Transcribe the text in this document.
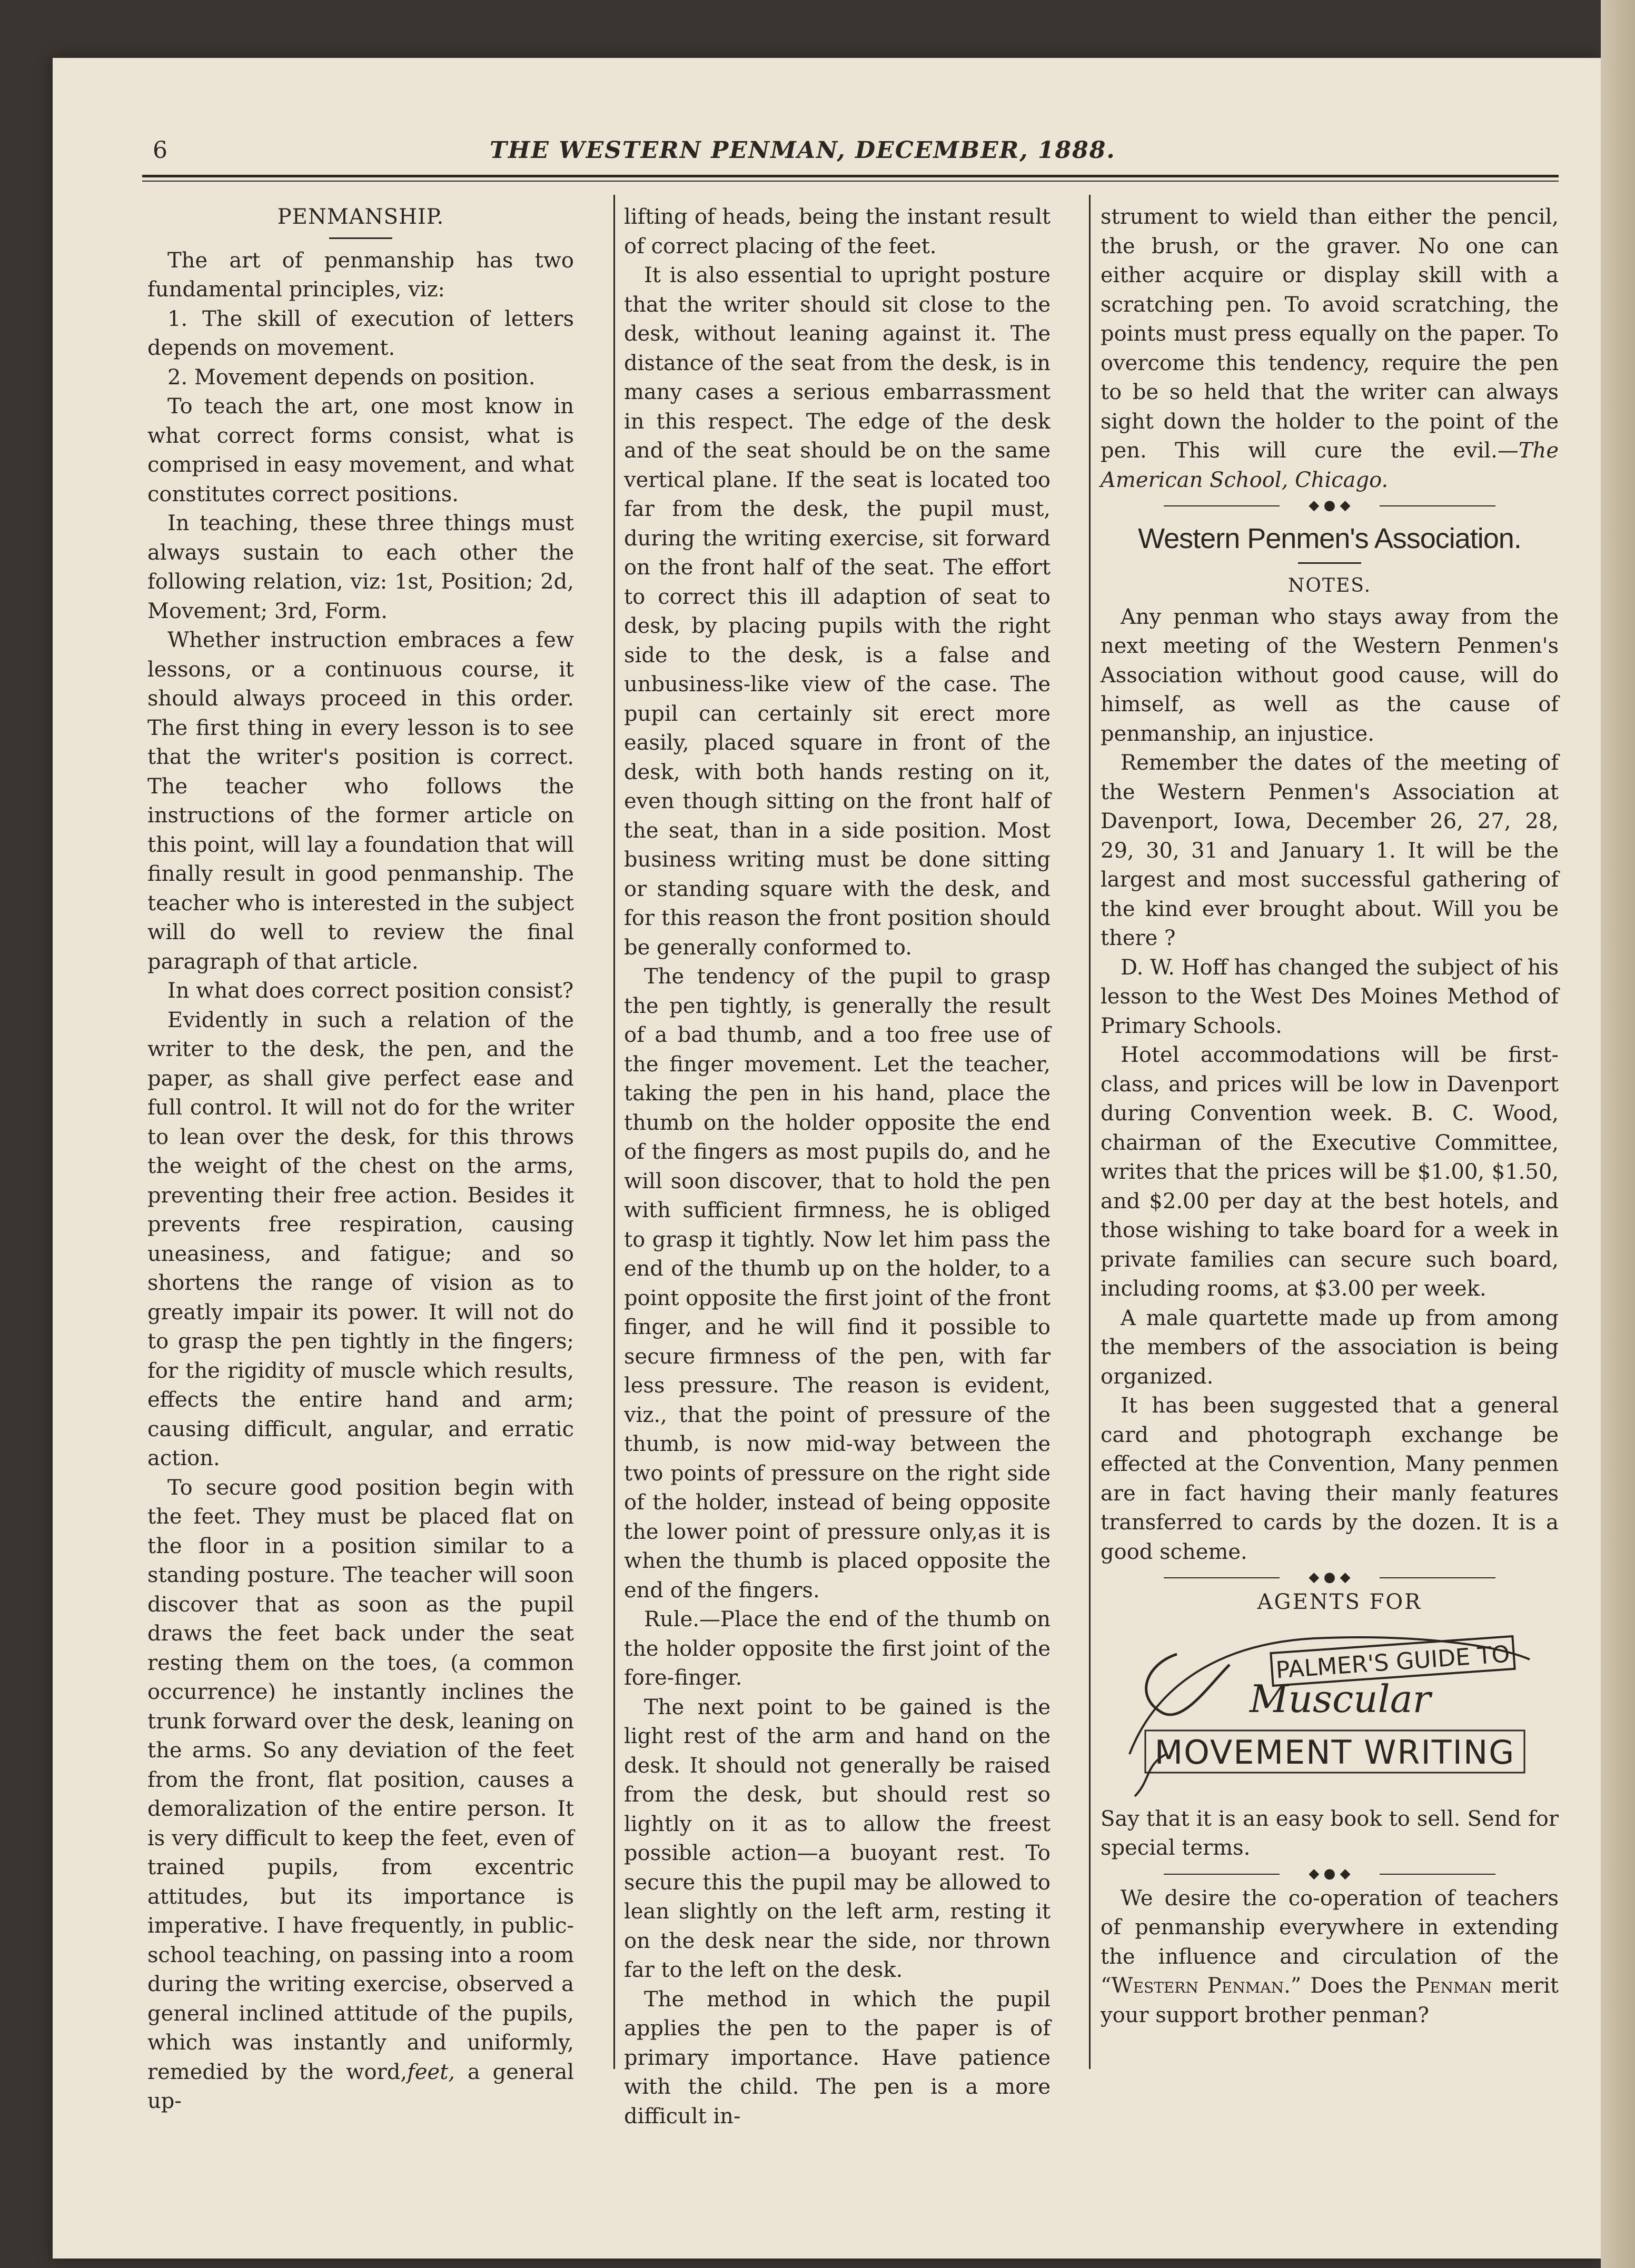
6	THE WESTERN PENMAN, DECEMBER, 1888.
PENMANSHIP.

The art of penmanship has two fundamental principles, viz:

1. The skill of execution of letters depends on movement.

2. Movement depends on position.

To teach the art, one most know in what correct forms consist, what is comprised in easy movement, and what constitutes correct positions.

In teaching, these three things must always sustain to each other the following relation, viz: 1st, Position; 2d, Movement; 3rd, Form.

Whether instruction embraces a few lessons, or a continuous course, it should always proceed in this order. The first thing in every lesson is to see that the writer's position is correct. The teacher who follows the instructions of the former article on this point, will lay a foundation that will finally result in good penmanship. The teacher who is interested in the subject will do well to review the final paragraph of that article.

In what does correct position consist?

Evidently in such a relation of the writer to the desk, the pen, and the paper, as shall give perfect ease and full control. It will not do for the writer to lean over the desk, for this throws the weight of the chest on the arms, preventing their free action. Besides it prevents free respiration, causing uneasiness, and fatigue; and so shortens the range of vision as to greatly impair its power. It will not do to grasp the pen tightly in the fingers; for the rigidity of muscle which results, effects the entire hand and arm; causing difficult, angular, and erratic action.

To secure good position begin with the feet. They must be placed flat on the floor in a position similar to a standing posture. The teacher will soon discover that as soon as the pupil draws the feet back under the seat resting them on the toes, (a common occurrence) he instantly inclines the trunk forward over the desk, leaning on the arms. So any deviation of the feet from the front, flat position, causes a demoralization of the entire person. It is very difficult to keep the feet, even of trained pupils, from excentric attitudes, but its importance is imperative. I have frequently, in public-school teaching, on passing into a room during the writing exercise, observed a general inclined attitude of the pupils, which was instantly and uniformly, remedied by the word,feet, a general up-

lifting of heads, being the instant result of correct placing of the feet.

It is also essential to upright posture that the writer should sit close to the desk, without leaning against it. The distance of the seat from the desk, is in many cases a serious embarrassment in this respect. The edge of the desk and of the seat should be on the same vertical plane. If the seat is located too far from the desk, the pupil must, during the writing exercise, sit forward on the front half of the seat. The effort to correct this ill adaption of seat to desk, by placing pupils with the right side to the desk, is a false and unbusiness-like view of the case. The pupil can certainly sit erect more easily, placed square in front of the desk, with both hands resting on it, even though sitting on the front half of the seat, than in a side position. Most business writing must be done sitting or standing square with the desk, and for this reason the front position should be generally conformed to.

The tendency of the pupil to grasp the pen tightly, is generally the result of a bad thumb, and a too free use of the finger movement. Let the teacher, taking the pen in his hand, place the thumb on the holder opposite the end of the fingers as most pupils do, and he will soon discover, that to hold the pen with sufficient firmness, he is obliged to grasp it tightly. Now let him pass the end of the thumb up on the holder, to a point opposite the first joint of the front finger, and he will find it possible to secure firmness of the pen, with far less pressure. The reason is evident, viz., that the point of pressure of the thumb, is now mid-way between the two points of pressure on the right side of the holder, instead of being opposite the lower point of pressure only,as it is when the thumb is placed opposite the end of the fingers.

Rule.—Place the end of the thumb on the holder opposite the first joint of the fore-finger.

The next point to be gained is the light rest of the arm and hand on the desk. It should not generally be raised from the desk, but should rest so lightly on it as to allow the freest possible action—a buoyant rest. To secure this the pupil may be allowed to lean slightly on the left arm, resting it on the desk near the side, nor thrown far to the left on the desk.

The method in which the pupil applies the pen to the paper is of primary importance. Have patience with the child. The pen is a more difficult in-

strument to wield than either the pencil, the brush, or the graver. No one can either acquire or display skill with a scratching pen. To avoid scratching, the points must press equally on the paper. To overcome this tendency, require the pen to be so held that the writer can always sight down the holder to the point of the pen. This will cure the evil.—The American School, Chicago.

◆ ● ◆
Western Penmen's Association.
NOTES.

Any penman who stays away from the next meeting of the Western Penmen's Association without good cause, will do himself, as well as the cause of penmanship, an injustice.

Remember the dates of the meeting of the Western Penmen's Association at Davenport, Iowa, December 26, 27, 28, 29, 30, 31 and January 1. It will be the largest and most successful gathering of the kind ever brought about. Will you be there ?

D. W. Hoff has changed the subject of his lesson to the West Des Moines Method of Primary Schools.

Hotel accommodations will be first-class, and prices will be low in Davenport during Convention week. B. C. Wood, chairman of the Executive Committee, writes that the prices will be $1.00, $1.50, and $2.00 per day at the best hotels, and those wishing to take board for a week in private families can secure such board, including rooms, at $3.00 per week.

A male quartette made up from among the members of the association is being organized.

It has been suggested that a general card and photograph exchange be effected at the Convention, Many penmen are in fact having their manly features transferred to cards by the dozen. It is a good scheme.

◆ ● ◆

AGENTS FOR

PALMER'S GUIDE TO
Muscular
MOVEMENT WRITING

Say that it is an easy book to sell. Send for special terms.

◆ ● ◆

We desire the co-operation of teachers of penmanship everywhere in extending the influence and circulation of the “Western Penman.” Does the Penman merit your support brother penman?
